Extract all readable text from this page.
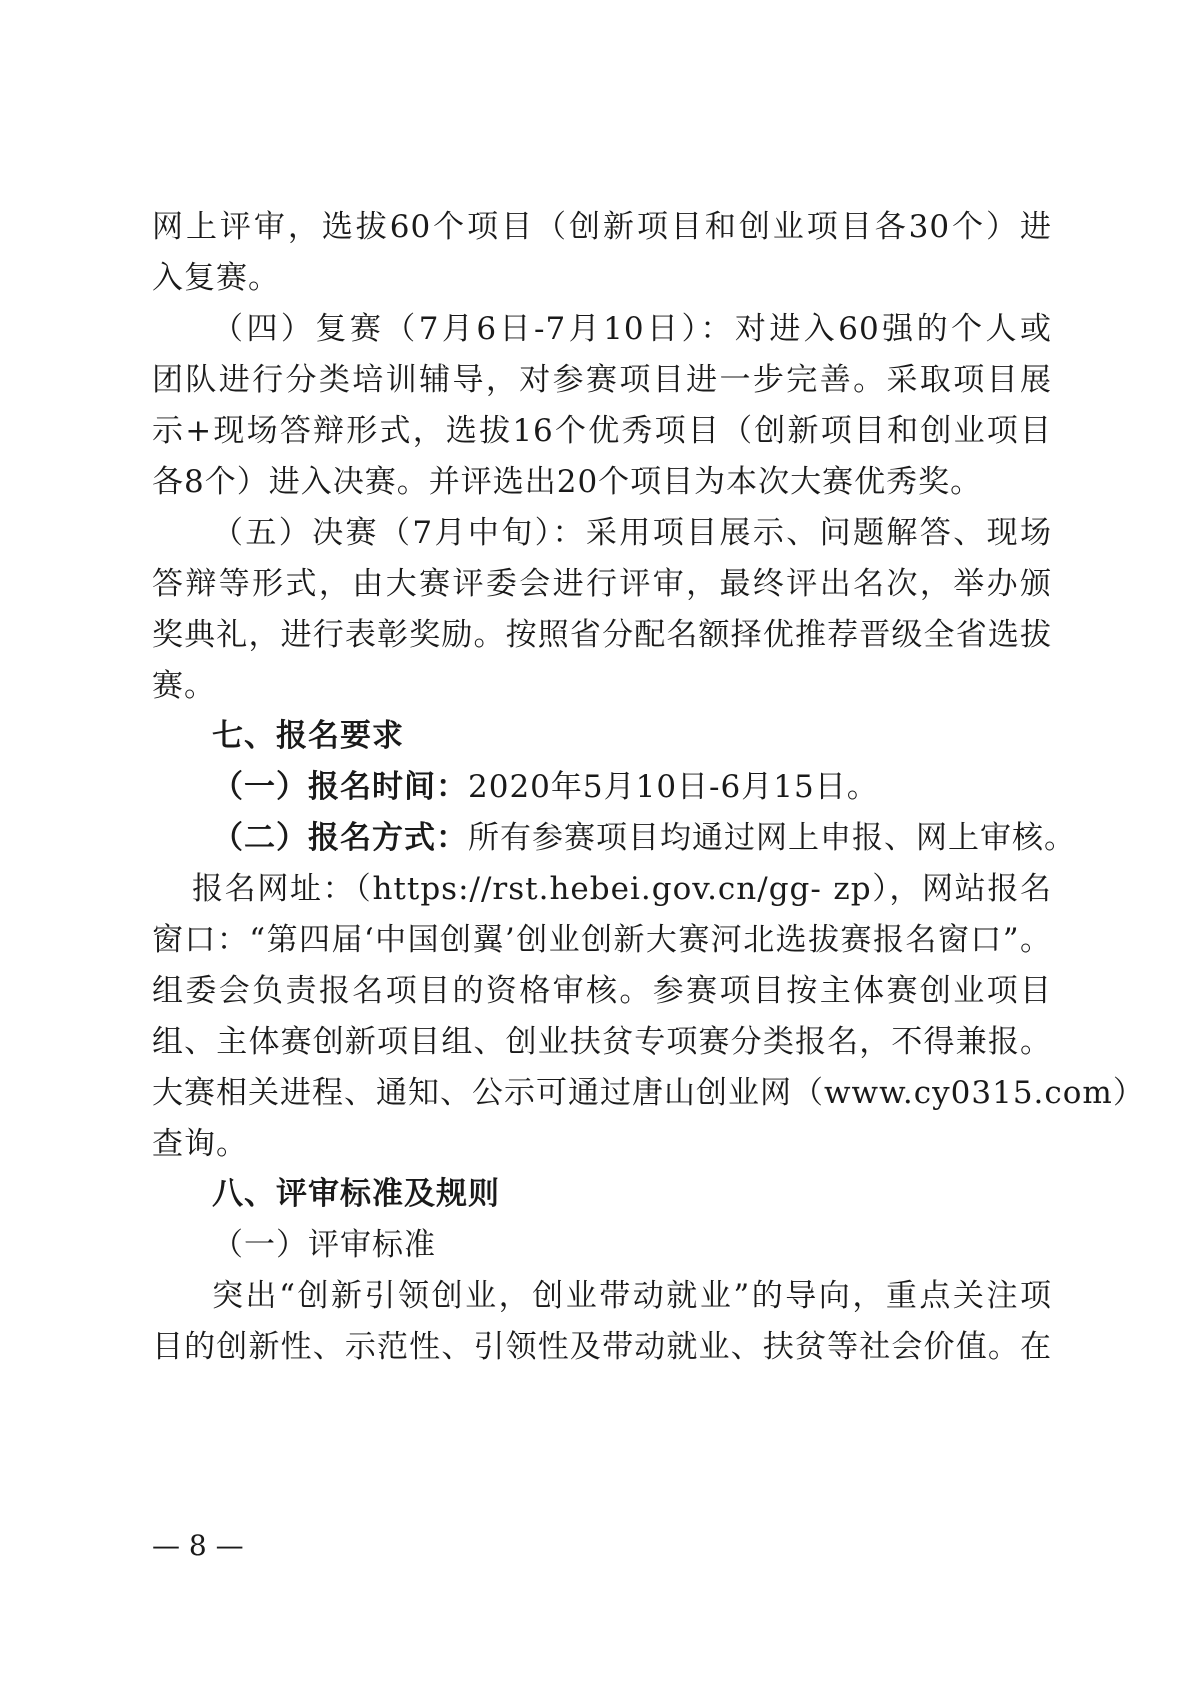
网上评审，选拔60个项目（创新项目和创业项目各30个）进
入复赛。
（四）复赛（7月6日-7月10日）：对进入60强的个人或
团队进行分类培训辅导，对参赛项目进一步完善。采取项目展
示+现场答辩形式，选拔16个优秀项目（创新项目和创业项目
各8个）进入决赛。并评选出20个项目为本次大赛优秀奖。
（五）决赛（7月中旬）：采用项目展示、问题解答、现场
答辩等形式，由大赛评委会进行评审，最终评出名次，举办颁
奖典礼，进行表彰奖励。按照省分配名额择优推荐晋级全省选拔
赛。
七、报名要求
（一）报名时间：2020年5月10日-6月15日。
（二）报名方式：所有参赛项目均通过网上申报、网上审核。
报名网址：（https://rst.hebei.gov.cn/gg- zp），网站报名
窗口：“第四届‘中国创翼’创业创新大赛河北选拔赛报名窗口”。
组委会负责报名项目的资格审核。参赛项目按主体赛创业项目
组、主体赛创新项目组、创业扶贫专项赛分类报名，不得兼报。
大赛相关进程、通知、公示可通过唐山创业网（www.cy0315.com）
查询。
八、评审标准及规则
（一）评审标准
突出“创新引领创业，创业带动就业”的导向，重点关注项
目的创新性、示范性、引领性及带动就业、扶贫等社会价值。在
— 8 —
